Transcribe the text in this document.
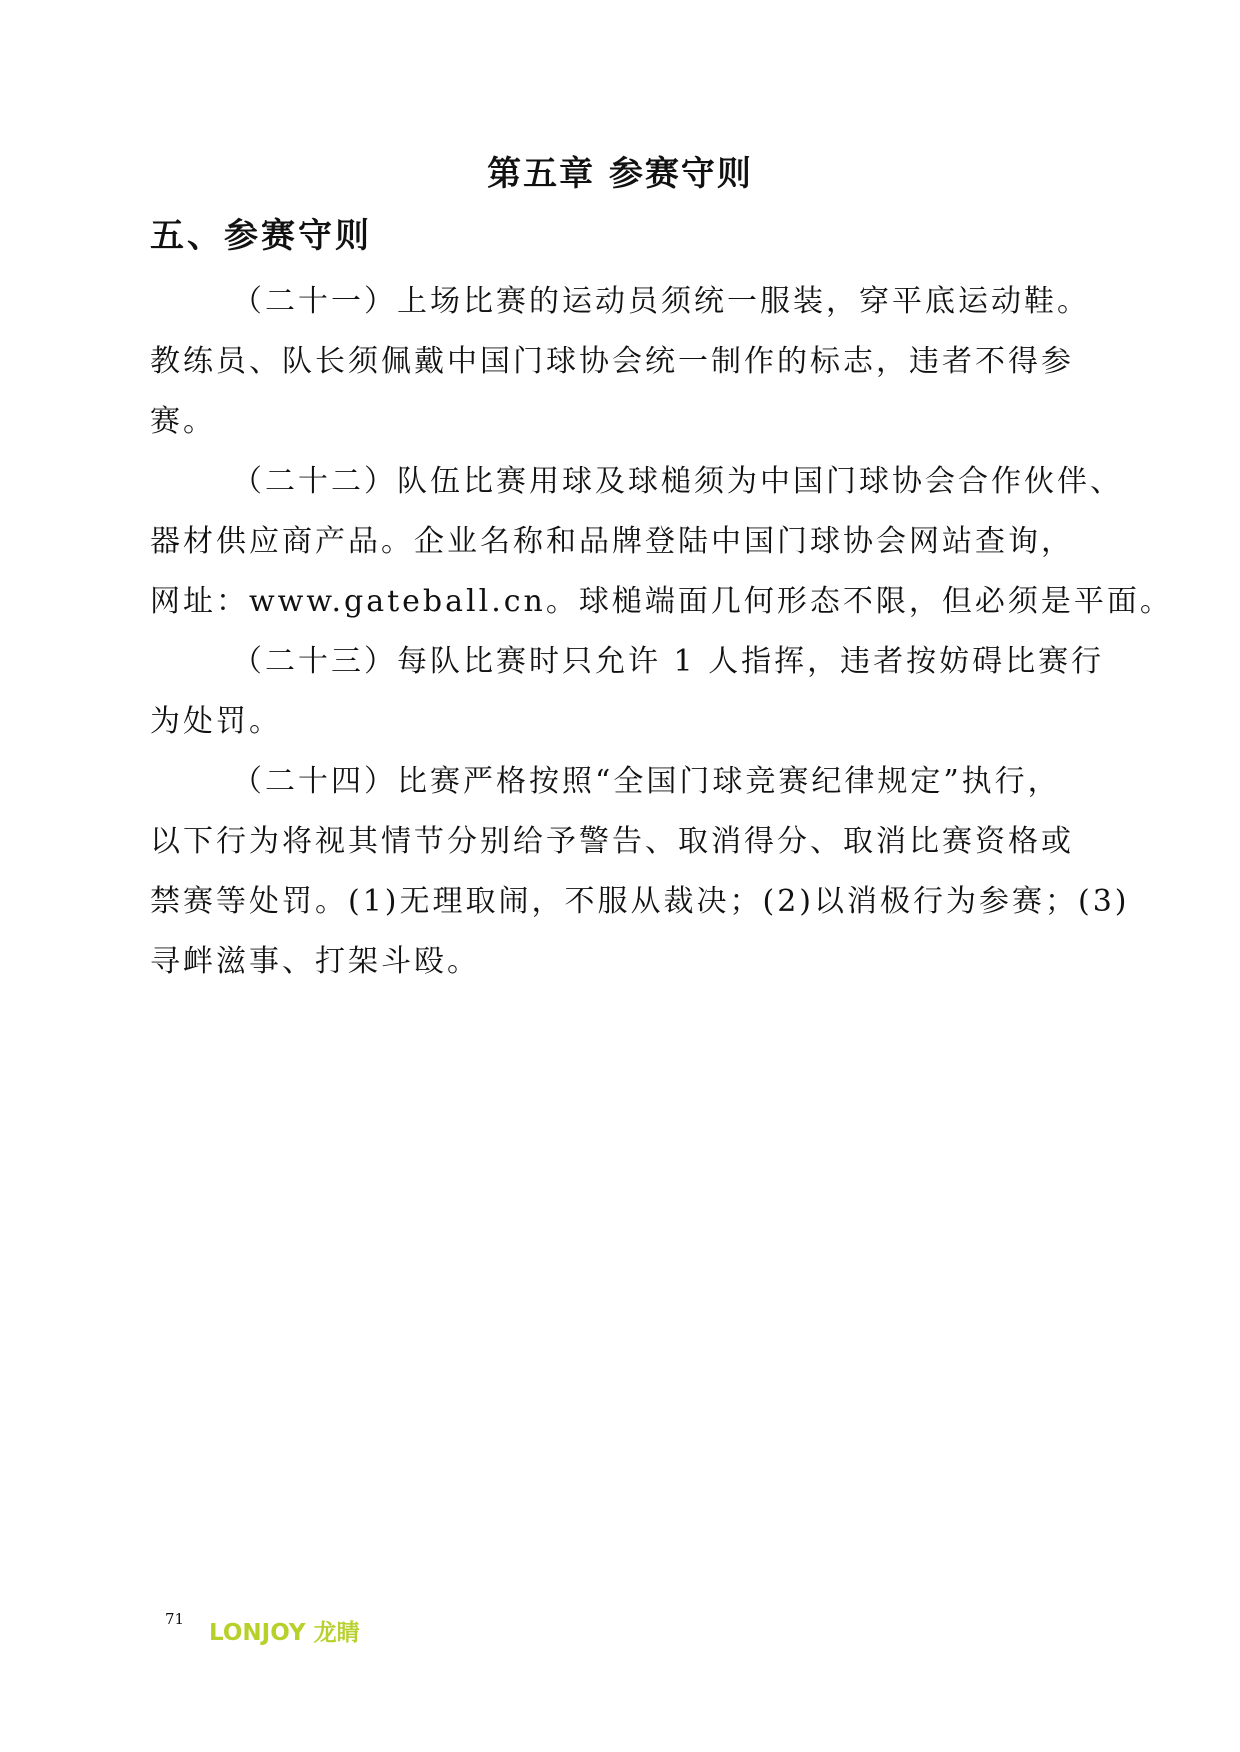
第五章 参赛守则
五、参赛守则
（二十一）上场比赛的运动员须统一服装，穿平底运动鞋。
教练员、队长须佩戴中国门球协会统一制作的标志，违者不得参
赛。
（二十二）队伍比赛用球及球槌须为中国门球协会合作伙伴、
器材供应商产品。企业名称和品牌登陆中国门球协会网站查询，
网址：www.gateball.cn。球槌端面几何形态不限，但必须是平面。
（二十三）每队比赛时只允许 1 人指挥，违者按妨碍比赛行
为处罚。
（二十四）比赛严格按照“全国门球竞赛纪律规定”执行，
以下行为将视其情节分别给予警告、取消得分、取消比赛资格或
禁赛等处罚。(1)无理取闹，不服从裁决；(2)以消极行为参赛；(3)
寻衅滋事、打架斗殴。
71
LONJOY 龙睛
